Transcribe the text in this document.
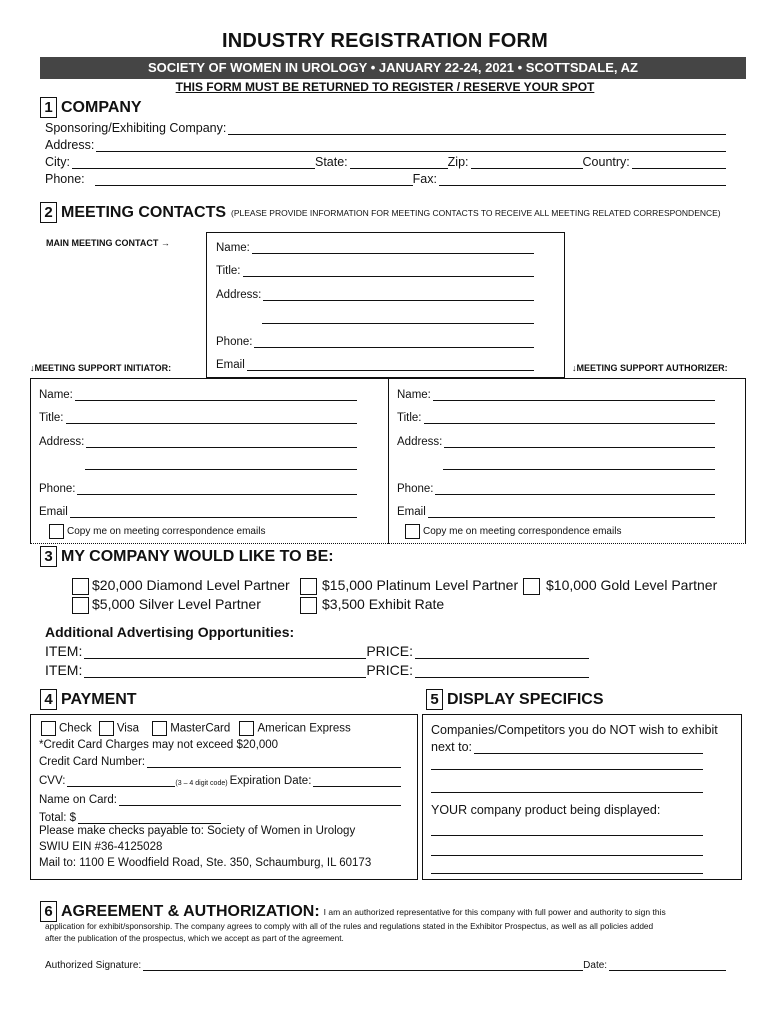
INDUSTRY REGISTRATION FORM
SOCIETY OF WOMEN IN UROLOGY • JANUARY 22-24, 2021 • SCOTTSDALE, AZ
THIS FORM MUST BE RETURNED TO REGISTER / RESERVE YOUR SPOT
1 COMPANY
Sponsoring/Exhibiting Company:
Address:
City:	State:	Zip:	Country:
Phone:	Fax:
2 MEETING CONTACTS (PLEASE PROVIDE INFORMATION FOR MEETING CONTACTS TO RECEIVE ALL MEETING RELATED CORRESPONDENCE)
MAIN MEETING CONTACT →	Name:
Title:
Address:
Phone:
Email
↓MEETING SUPPORT INITIATOR:	↓MEETING SUPPORT AUTHORIZER:
Name:
Title:
Address:
Phone:
Email
Copy me on meeting correspondence emails
Name:
Title:
Address:
Phone:
Email
Copy me on meeting correspondence emails
3 MY COMPANY WOULD LIKE TO BE:
$20,000 Diamond Level Partner	$15,000 Platinum Level Partner	$10,000 Gold Level Partner
$5,000 Silver Level Partner	$3,500 Exhibit Rate
Additional Advertising Opportunities:
ITEM:	PRICE:
ITEM:	PRICE:
4 PAYMENT
Check Visa	MasterCard American Express
*Credit Card Charges may not exceed $20,000
Credit Card Number:
CVV:	(3 – 4 digit code) Expiration Date:
Name on Card:
Total: $
Please make checks payable to: Society of Women in Urology
SWIU EIN #36-4125028
Mail to: 1100 E Woodfield Road, Ste. 350, Schaumburg, IL 60173
5 DISPLAY SPECIFICS
Companies/Competitors you do NOT wish to exhibit
next to:
YOUR company product being displayed:
6 AGREEMENT & AUTHORIZATION: I am an authorized representative for this company with full power and authority to sign this
application for exhibit/sponsorship. The company agrees to comply with all of the rules and regulations stated in the Exhibitor Prospectus, as well as all policies added
after the publication of the prospectus, which we accept as part of the agreement.
Authorized Signature:	Date:
